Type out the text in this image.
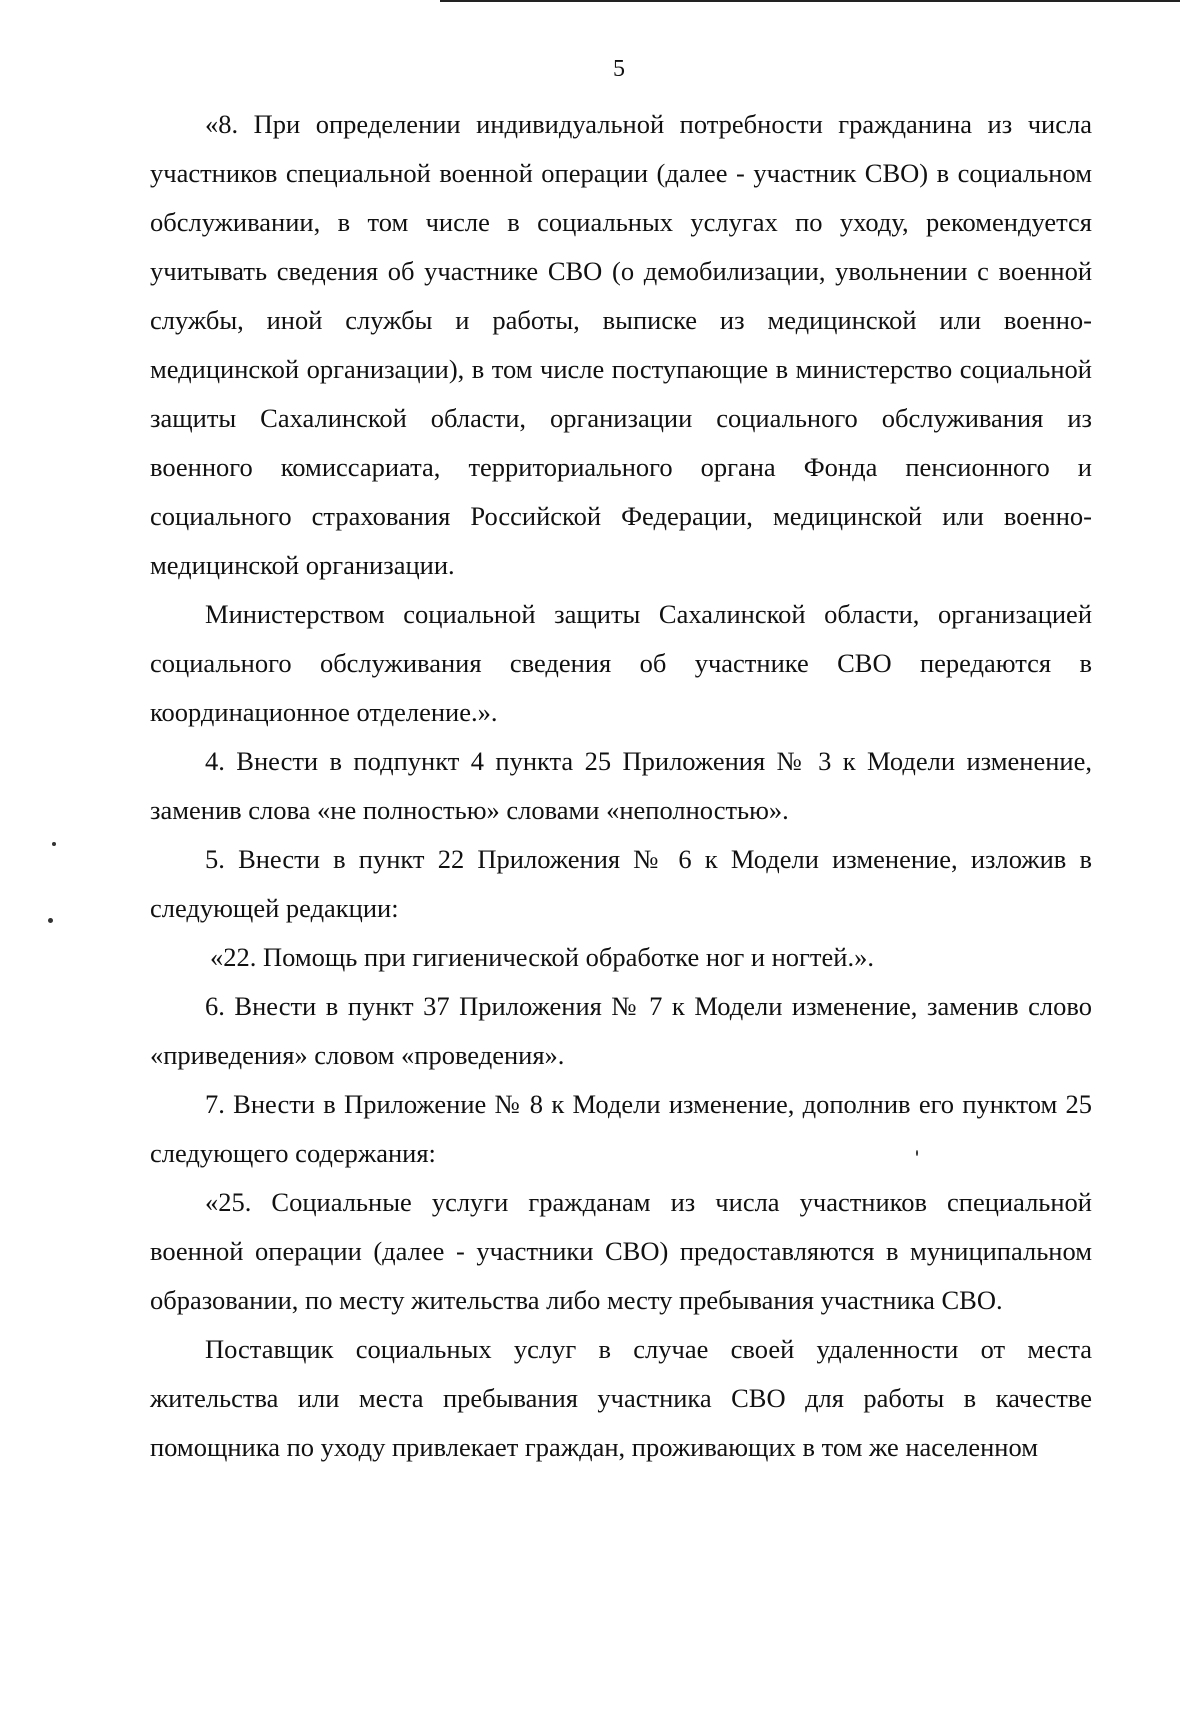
5

«8. При определении индивидуальной потребности гражданина из числа участников специальной военной операции (далее - участник СВО) в социальном обслуживании, в том числе в социальных услугах по уходу, рекомендуется учитывать сведения об участнике СВО (о демобилизации, увольнении с военной службы, иной службы и работы, выписке из медицинской или военно-медицинской организации), в том числе поступающие в министерство социальной защиты Сахалинской области, организации социального обслуживания из военного комиссариата, территориального органа Фонда пенсионного и социального страхования Российской Федерации, медицинской или военно-медицинской организации.

Министерством социальной защиты Сахалинской области, организацией социального обслуживания сведения об участнике СВО передаются в координационное отделение.».

4. Внести в подпункт 4 пункта 25 Приложения № 3 к Модели изменение, заменив слова «не полностью» словами «неполностью».

5. Внести в пункт 22 Приложения № 6 к Модели изменение, изложив в следующей редакции:

«22. Помощь при гигиенической обработке ног и ногтей.».

6. Внести в пункт 37 Приложения № 7 к Модели изменение, заменив слово «приведения» словом «проведения».

7. Внести в Приложение № 8 к Модели изменение, дополнив его пунктом 25 следующего содержания:

«25. Социальные услуги гражданам из числа участников специальной военной операции (далее - участники СВО) предоставляются в муниципальном образовании, по месту жительства либо месту пребывания участника СВО.

Поставщик социальных услуг в случае своей удаленности от места жительства или места пребывания участника СВО для работы в качестве помощника по уходу привлекает граждан, проживающих в том же населенном
